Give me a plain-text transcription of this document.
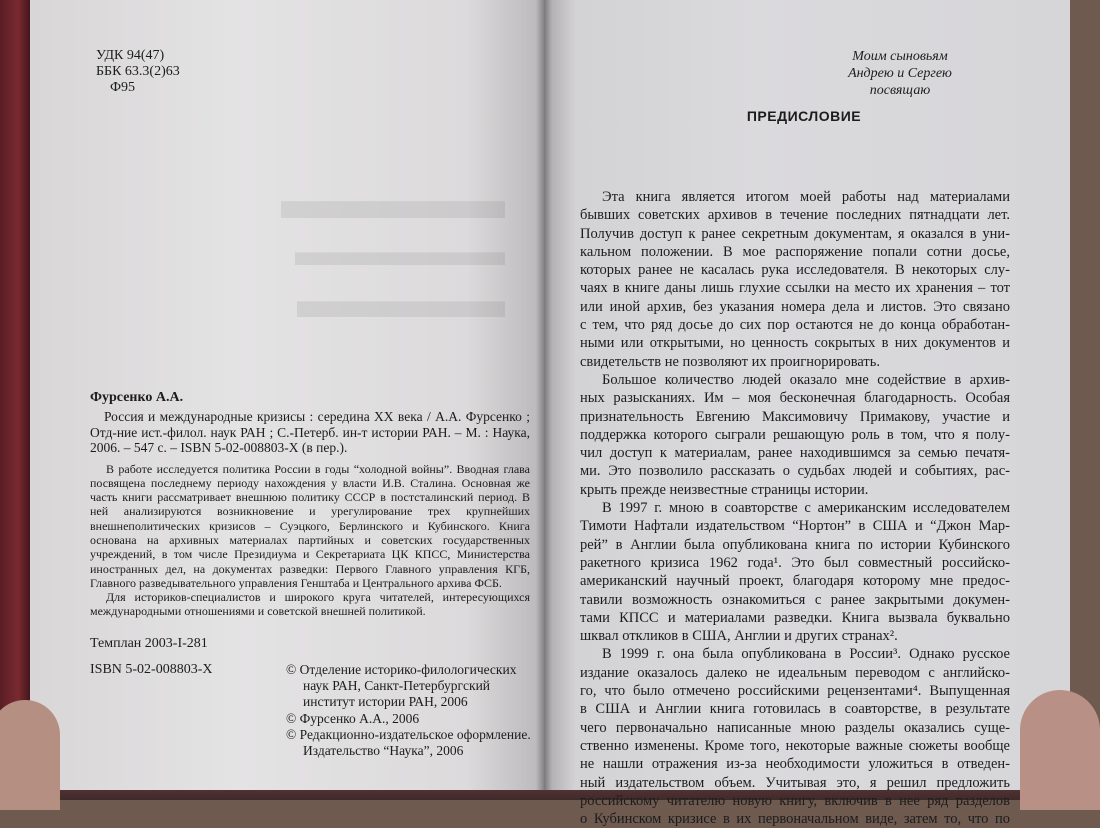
▬▬▬▬
▬▬▬▬▬
▬▬▬▬
УДК 94(47)
ББК 63.3(2)63
Ф95

Фурсенко А.А.

Россия и международные кризисы : середина XX века / А.А. Фурсенко ; Отд-ние ист.-филол. наук РАН ; С.-Петерб. ин-т истории РАН. – М. : Наука, 2006. – 547 с. – ISBN 5-02-008803-X (в пер.).

В работе исследуется политика России в годы “холодной войны”. Вводная глава посвящена последнему периоду нахождения у власти И.В. Сталина. Основная же часть книги рассматривает внешнюю политику СССР в постсталинский период. В ней анализируются возникновение и урегулирование трех крупнейших внешнеполитических кризисов – Суэцкого, Берлинского и Кубинского. Книга основана на архивных материалах партийных и советских государственных учреждений, в том числе Президиума и Секретариата ЦК КПСС, Министерства иностранных дел, на документах разведки: Первого Главного управления КГБ, Главного разведывательного управления Генштаба и Центрального архива ФСБ.

Для историков-специалистов и широкого круга читателей, интересующихся международными отношениями и советской внешней политикой.

Темплан 2003-I-281
ISBN 5-02-008803-X	© Отделение историко-филологических
наук РАН, Санкт-Петербургский
институт истории РАН, 2006
© Фурсенко А.А., 2006
© Редакционно-издательское оформление.
Издательство “Наука”, 2006
Моим сыновьям
Андрею и Сергею
посвящаю
ПРЕДИСЛОВИЕ
Эта книга является итогом моей работы над материалами
бывших советских архивов в течение последних пятнадцати лет.
Получив доступ к ранее секретным документам, я оказался в уни-
кальном положении. В мое распоряжение попали сотни досье,
которых ранее не касалась рука исследователя. В некоторых слу-
чаях в книге даны лишь глухие ссылки на место их хранения – тот
или иной архив, без указания номера дела и листов. Это связано
с тем, что ряд досье до сих пор остаются не до конца обработан-
ными или открытыми, но ценность сокрытых в них документов и
свидетельств не позволяют их проигнорировать.
Большое количество людей оказало мне содействие в архив-
ных разысканиях. Им – моя бесконечная благодарность. Особая
признательность Евгению Максимовичу Примакову, участие и
поддержка которого сыграли решающую роль в том, что я полу-
чил доступ к материалам, ранее находившимся за семью печатя-
ми. Это позволило рассказать о судьбах людей и событиях, рас-
крыть прежде неизвестные страницы истории.
В 1997 г. мною в соавторстве с американским исследователем
Тимоти Нафтали издательством “Нортон” в США и “Джон Мар-
рей” в Англии была опубликована книга по истории Кубинского
ракетного кризиса 1962 года¹. Это был совместный российско-
американский научный проект, благодаря которому мне предос-
тавили возможность ознакомиться с ранее закрытыми докумен-
тами КПСС и материалами разведки. Книга вызвала буквально
шквал откликов в США, Англии и других странах².
В 1999 г. она была опубликована в России³. Однако русское
издание оказалось далеко не идеальным переводом с английско-
го, что было отмечено российскими рецензентами⁴. Выпущенная
в США и Англии книга готовилась в соавторстве, в результате
чего первоначально написанные мною разделы оказались суще-
ственно изменены. Кроме того, некоторые важные сюжеты вообще
не нашли отражения из-за необходимости уложиться в отведен-
ный издательством объем. Учитывая это, я решил предложить
российскому читателю новую книгу, включив в нее ряд разделов
о Кубинском кризисе в их первоначальном виде, затем то, что по
